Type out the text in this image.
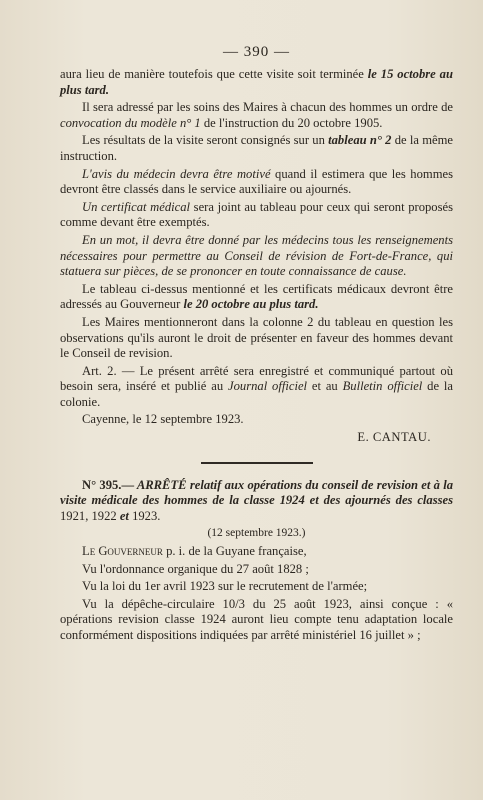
— 390 —

aura lieu de manière toutefois que cette visite soit terminée le 15 octobre au plus tard.

Il sera adressé par les soins des Maires à chacun des hommes un ordre de convocation du modèle n° 1 de l'instruction du 20 octobre 1905.

Les résultats de la visite seront consignés sur un tableau n° 2 de la même instruction.

L'avis du médecin devra être motivé quand il estimera que les hommes devront être classés dans le service auxiliaire ou ajournés.

Un certificat médical sera joint au tableau pour ceux qui seront proposés comme devant être exemptés.

En un mot, il devra être donné par les médecins tous les renseignements nécessaires pour permettre au Conseil de révision de Fort-de-France, qui statuera sur pièces, de se prononcer en toute connaissance de cause.

Le tableau ci-dessus mentionné et les certificats médicaux devront être adressés au Gouverneur le 20 octobre au plus tard.

Les Maires mentionneront dans la colonne 2 du tableau en question les observations qu'ils auront le droit de présenter en faveur des hommes devant le Conseil de revision.

Art. 2. — Le présent arrêté sera enregistré et communiqué partout où besoin sera, inséré et publié au Journal officiel et au Bulletin officiel de la colonie.

Cayenne, le 12 septembre 1923.

E. CANTAU.

N° 395.— ARRÊTÉ relatif aux opérations du conseil de revision et à la visite médicale des hommes de la classe 1924 et des ajournés des classes 1921, 1922 et 1923.

(12 septembre 1923.)

Le Gouverneur p. i. de la Guyane française,

Vu l'ordonnance organique du 27 août 1828 ;

Vu la loi du 1er avril 1923 sur le recrutement de l'armée;

Vu la dépêche-circulaire 10/3 du 25 août 1923, ainsi conçue : « opérations revision classe 1924 auront lieu compte tenu adaptation locale conformément dispositions indiquées par arrêté ministériel 16 juillet » ;
